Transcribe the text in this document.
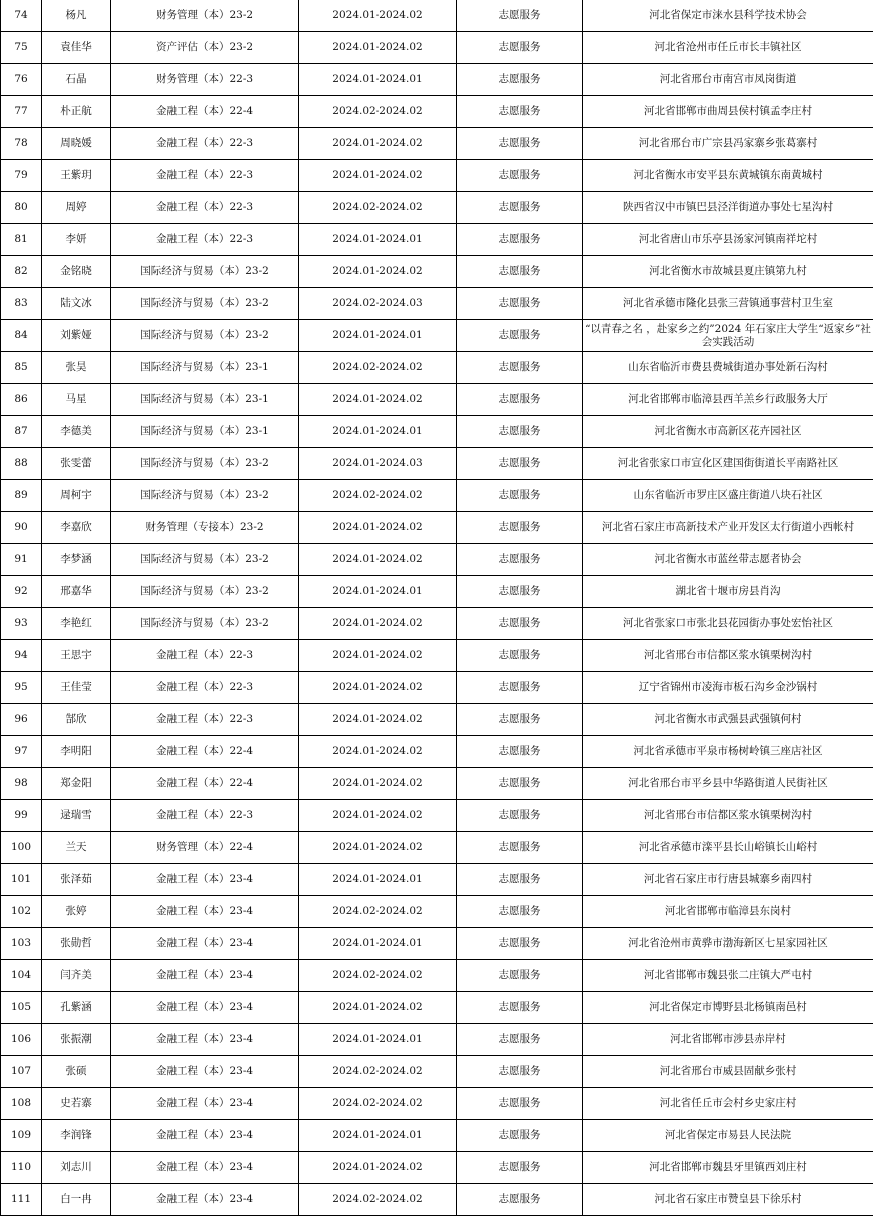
74	杨凡	财务管理（本）23-2	2024.01-2024.02	志愿服务	河北省保定市涞水县科学技术协会
75	袁佳华	资产评估（本）23-2	2024.01-2024.02	志愿服务	河北省沧州市任丘市长丰镇社区
76	石晶	财务管理（本）22-3	2024.01-2024.01	志愿服务	河北省邢台市南宫市凤岗街道
77	朴正航	金融工程（本）22-4	2024.02-2024.02	志愿服务	河北省邯郸市曲周县侯村镇孟李庄村
78	周晓媛	金融工程（本）22-3	2024.01-2024.02	志愿服务	河北省邢台市广宗县冯家寨乡张葛寨村
79	王紫玥	金融工程（本）22-3	2024.01-2024.02	志愿服务	河北省衡水市安平县东黄城镇东南黄城村
80	周婷	金融工程（本）22-3	2024.02-2024.02	志愿服务	陕西省汉中市镇巴县泾洋街道办事处七星沟村
81	李妍	金融工程（本）22-3	2024.01-2024.01	志愿服务	河北省唐山市乐亭县汤家河镇南祥坨村
82	金铭晓	国际经济与贸易（本）23-2	2024.01-2024.02	志愿服务	河北省衡水市故城县夏庄镇第九村
83	陆文冰	国际经济与贸易（本）23-2	2024.02-2024.03	志愿服务	河北省承德市隆化县张三营镇通事营村卫生室
84	刘紫娅	国际经济与贸易（本）23-2	2024.01-2024.01	志愿服务	“以青春之名 ，赴家乡之约”2024 年石家庄大学生“返家乡”社会实践活动
85	张昊	国际经济与贸易（本）23-1	2024.02-2024.02	志愿服务	山东省临沂市费县费城街道办事处新石沟村
86	马星	国际经济与贸易（本）23-1	2024.01-2024.02	志愿服务	河北省邯郸市临漳县西羊羔乡行政服务大厅
87	李德美	国际经济与贸易（本）23-1	2024.01-2024.01	志愿服务	河北省衡水市高新区花卉园社区
88	张雯蕾	国际经济与贸易（本）23-2	2024.01-2024.03	志愿服务	河北省张家口市宣化区建国街街道长平南路社区
89	周柯宇	国际经济与贸易（本）23-2	2024.02-2024.02	志愿服务	山东省临沂市罗庄区盛庄街道八块石社区
90	李嘉欣	财务管理（专接本）23-2	2024.01-2024.02	志愿服务	河北省石家庄市高新技术产业开发区太行街道小西帐村
91	李梦涵	国际经济与贸易（本）23-2	2024.01-2024.02	志愿服务	河北省衡水市蓝丝带志愿者协会
92	邢嘉华	国际经济与贸易（本）23-2	2024.01-2024.01	志愿服务	湖北省十堰市房县肖沟
93	李艳红	国际经济与贸易（本）23-2	2024.01-2024.02	志愿服务	河北省张家口市张北县花园街办事处宏怡社区
94	王思宇	金融工程（本）22-3	2024.01-2024.02	志愿服务	河北省邢台市信都区浆水镇栗树沟村
95	王佳莹	金融工程（本）22-3	2024.01-2024.02	志愿服务	辽宁省锦州市凌海市板石沟乡金沙锅村
96	郜欣	金融工程（本）22-3	2024.01-2024.02	志愿服务	河北省衡水市武强县武强镇何村
97	李明阳	金融工程（本）22-4	2024.01-2024.02	志愿服务	河北省承德市平泉市杨树岭镇三座店社区
98	郑金阳	金融工程（本）22-4	2024.01-2024.02	志愿服务	河北省邢台市平乡县中华路街道人民街社区
99	逯瑞雪	金融工程（本）22-3	2024.01-2024.02	志愿服务	河北省邢台市信都区浆水镇栗树沟村
100	兰天	财务管理（本）22-4	2024.01-2024.02	志愿服务	河北省承德市滦平县长山峪镇长山峪村
101	张泽茹	金融工程（本）23-4	2024.01-2024.01	志愿服务	河北省石家庄市行唐县城寨乡南四村
102	张婷	金融工程（本）23-4	2024.02-2024.02	志愿服务	河北省邯郸市临漳县东岗村
103	张勋哲	金融工程（本）23-4	2024.01-2024.01	志愿服务	河北省沧州市黄骅市渤海新区七星家园社区
104	闫齐美	金融工程（本）23-4	2024.02-2024.02	志愿服务	河北省邯郸市魏县张二庄镇大严屯村
105	孔紫涵	金融工程（本）23-4	2024.01-2024.02	志愿服务	河北省保定市博野县北杨镇南邑村
106	张振潮	金融工程（本）23-4	2024.01-2024.01	志愿服务	河北省邯郸市涉县赤岸村
107	张硕	金融工程（本）23-4	2024.02-2024.02	志愿服务	河北省邢台市威县固献乡张村
108	史若寨	金融工程（本）23-4	2024.02-2024.02	志愿服务	河北省任丘市会村乡史家庄村
109	李润锋	金融工程（本）23-4	2024.01-2024.01	志愿服务	河北省保定市易县人民法院
110	刘志川	金融工程（本）23-4	2024.01-2024.02	志愿服务	河北省邯郸市魏县牙里镇西刘庄村
111	白一冉	金融工程（本）23-4	2024.02-2024.02	志愿服务	河北省石家庄市赞皇县下徐乐村
